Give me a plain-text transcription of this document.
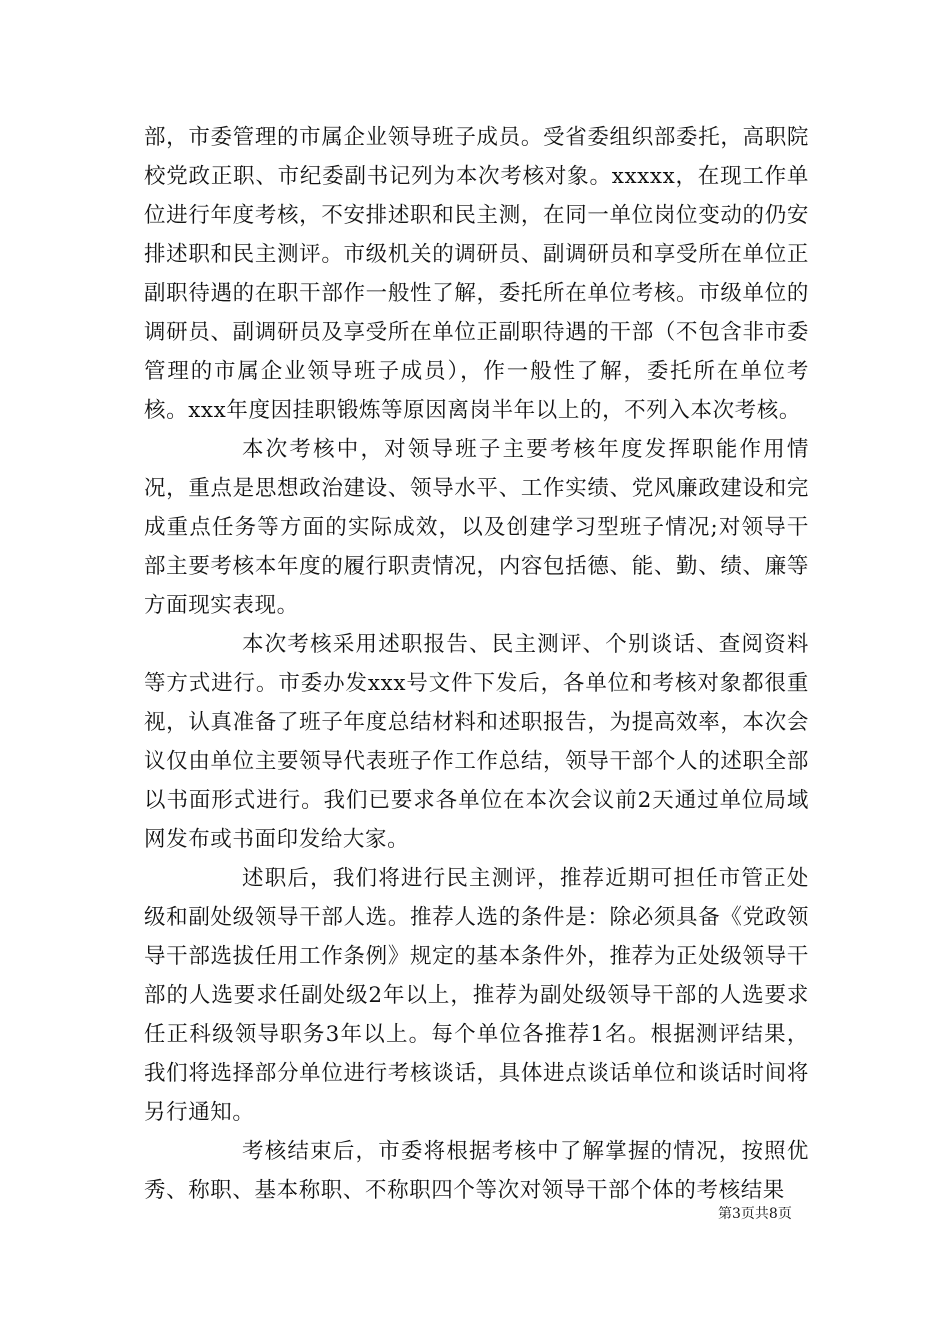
部，市委管理的市属企业领导班子成员。受省委组织部委托，高职院校党政正职、市纪委副书记列为本次考核对象。xxxxx，在现工作单位进行年度考核，不安排述职和民主测，在同一单位岗位变动的仍安排述职和民主测评。市级机关的调研员、副调研员和享受所在单位正副职待遇的在职干部作一般性了解，委托所在单位考核。市级单位的调研员、副调研员及享受所在单位正副职待遇的干部（不包含非市委管理的市属企业领导班子成员），作一般性了解，委托所在单位考核。xxx年度因挂职锻炼等原因离岗半年以上的，不列入本次考核。

本次考核中，对领导班子主要考核年度发挥职能作用情况，重点是思想政治建设、领导水平、工作实绩、党风廉政建设和完成重点任务等方面的实际成效，以及创建学习型班子情况;对领导干部主要考核本年度的履行职责情况，内容包括德、能、勤、绩、廉等方面现实表现。

本次考核采用述职报告、民主测评、个别谈话、查阅资料等方式进行。市委办发xxx号文件下发后，各单位和考核对象都很重视，认真准备了班子年度总结材料和述职报告，为提高效率，本次会议仅由单位主要领导代表班子作工作总结，领导干部个人的述职全部以书面形式进行。我们已要求各单位在本次会议前2天通过单位局域网发布或书面印发给大家。

述职后，我们将进行民主测评，推荐近期可担任市管正处级和副处级领导干部人选。推荐人选的条件是：除必须具备《党政领导干部选拔任用工作条例》规定的基本条件外，推荐为正处级领导干部的人选要求任副处级2年以上，推荐为副处级领导干部的人选要求任正科级领导职务3年以上。每个单位各推荐1名。根据测评结果，我们将选择部分单位进行考核谈话，具体进点谈话单位和谈话时间将另行通知。

考核结束后，市委将根据考核中了解掌握的情况，按照优秀、称职、基本称职、不称职四个等次对领导干部个体的考核结果

第3页共8页
